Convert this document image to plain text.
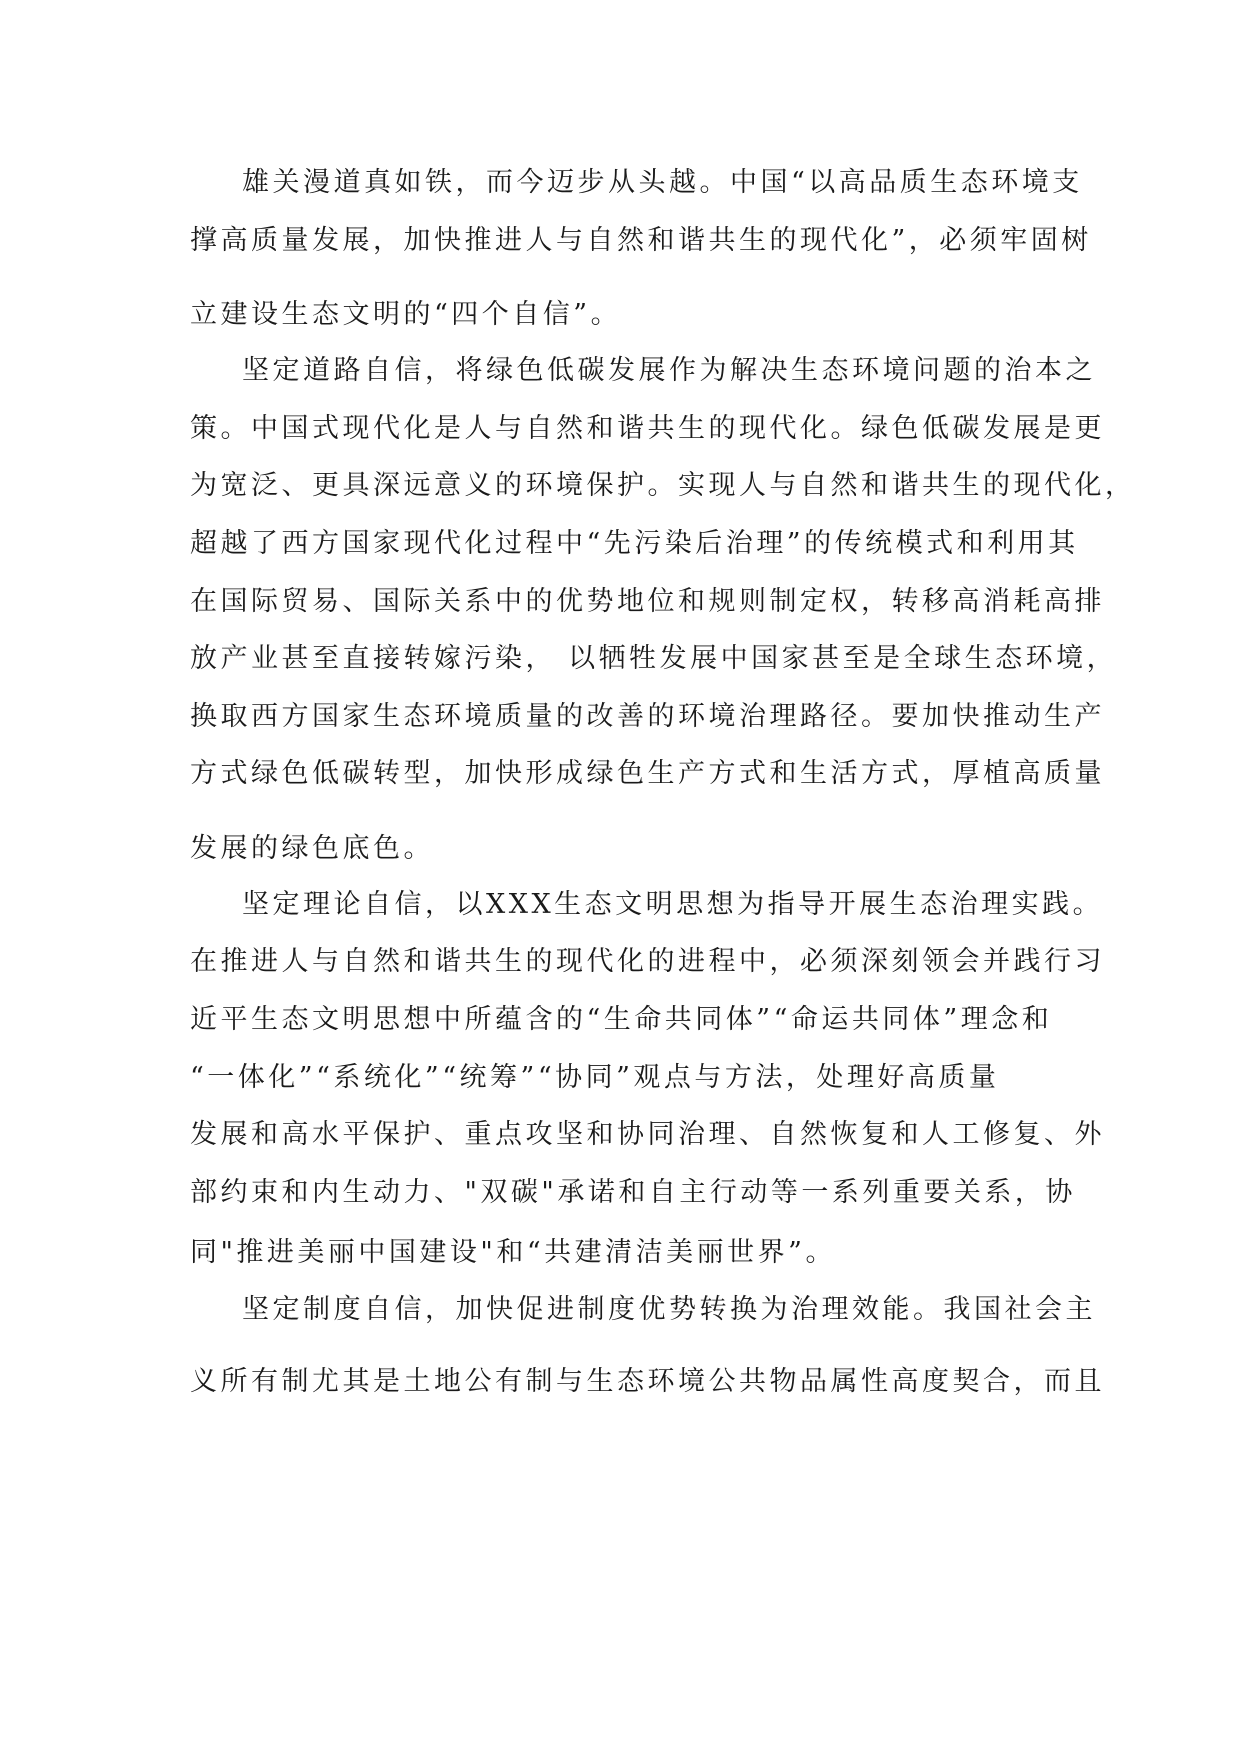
雄关漫道真如铁，而今迈步从头越。中国“以高品质生态环境支
撑高质量发展，加快推进人与自然和谐共生的现代化”，必须牢固树
立建设生态文明的“四个自信”。
坚定道路自信，将绿色低碳发展作为解决生态环境问题的治本之
策。中国式现代化是人与自然和谐共生的现代化。绿色低碳发展是更
为宽泛、更具深远意义的环境保护。实现人与自然和谐共生的现代化，
超越了西方国家现代化过程中“先污染后治理”的传统模式和利用其
在国际贸易、国际关系中的优势地位和规则制定权，转移高消耗高排
放产业甚至直接转嫁污染， 以牺牲发展中国家甚至是全球生态环境，
换取西方国家生态环境质量的改善的环境治理路径。要加快推动生产
方式绿色低碳转型，加快形成绿色生产方式和生活方式，厚植高质量
发展的绿色底色。
坚定理论自信，以XXX生态文明思想为指导开展生态治理实践。
在推进人与自然和谐共生的现代化的进程中，必须深刻领会并践行习
近平生态文明思想中所蕴含的“生命共同体”“命运共同体”理念和
“一体化”“系统化”“统筹”“协同”观点与方法，处理好高质量
发展和高水平保护、重点攻坚和协同治理、自然恢复和人工修复、外
部约束和内生动力、"双碳"承诺和自主行动等一系列重要关系，协
同"推进美丽中国建设"和“共建清洁美丽世界”。
坚定制度自信，加快促进制度优势转换为治理效能。我国社会主
义所有制尤其是土地公有制与生态环境公共物品属性高度契合，而且
